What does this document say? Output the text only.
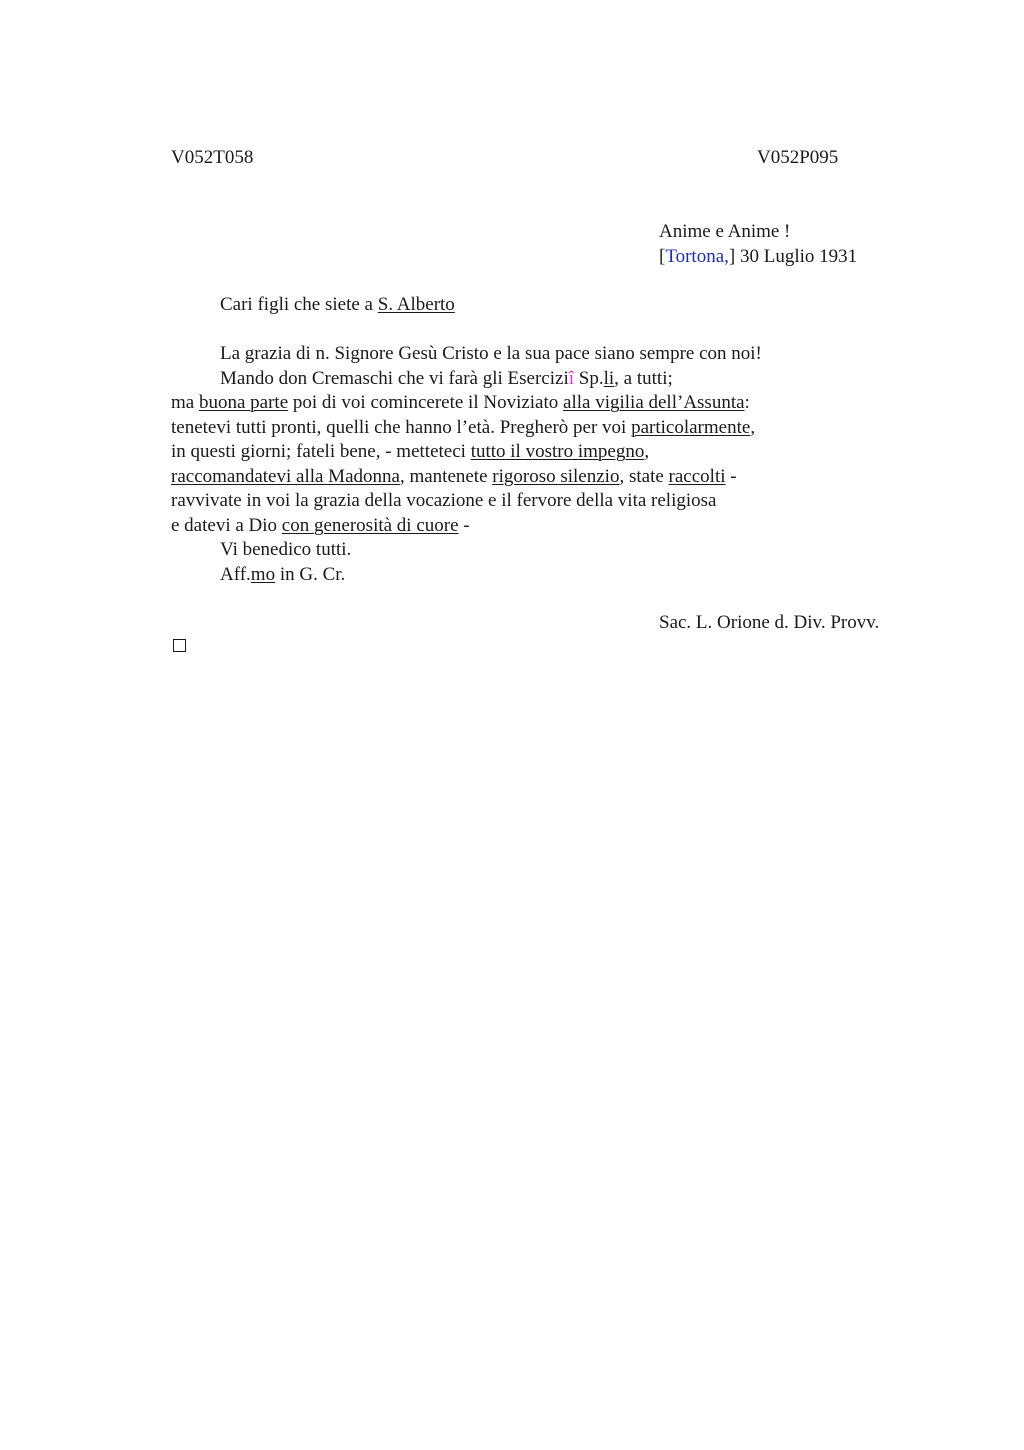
V052T058	V052P095
Anime e Anime !
[Tortona,] 30 Luglio 1931
Cari figli che siete a S. Alberto
La grazia di n. Signore Gesù Cristo e la sua pace siano sempre con noi!
Mando don Cremaschi che vi farà gli Eserciziî Sp.li, a tutti;
ma buona parte poi di voi comincerete il Noviziato alla vigilia dell’Assunta:
tenetevi tutti pronti, quelli che hanno l’età. Pregherò per voi particolarmente,
in questi giorni; fateli bene, - metteteci tutto il vostro impegno,
raccomandatevi alla Madonna, mantenete rigoroso silenzio, state raccolti -
ravvivate in voi la grazia della vocazione e il fervore della vita religiosa
e datevi a Dio con generosità di cuore -
Vi benedico tutti.
Aff.mo in G. Cr.
Sac. L. Orione d. Div. Provv.
